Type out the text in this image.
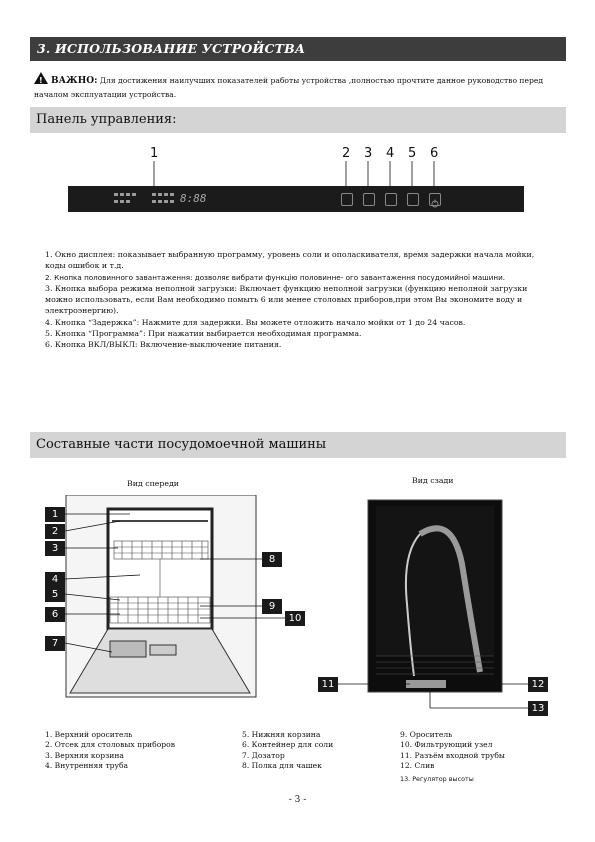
3. ИСПОЛЬЗОВАНИЕ УСТРОЙСТВА
!ВАЖНО: Для достижения наилучших показателей работы устройства ,полностью прочтите данное руководство перед началом эксплуатации устройства.
Панель управления:
1	2 3 4 5 6
8:88

1. Окно дисплея: показывает выбранную программу, уровень соли и ополаскивателя, время задержки начала мойки, коды ошибок и т.д.

2. Кнопка половинного завантаження: дозволяє вибрати функцію половинне- ого завантаження посудомийної машини.

3. Кнопка выбора режима неполной загрузки: Включает функцию неполной загрузки (функцию неполной загрузки можно использовать, если Вам необходимо помыть 6 или менее столовых приборов,при этом Вы экономите воду и электроэнергию).

4. Кнопка “Задержка”: Нажмите для задержки. Вы можете отложить начало мойки от 1 до 24 часов.

5. Кнопка “Программа”: При нажатии выбирается необходимая программа.

6. Кнопка ВКЛ/ВЫКЛ: Включение-выключение питания.

Составные части посудомоечной машины
Вид спереди	Вид сзади
1
2
3
4
5
6
7
8
9
10
11	12
13
1. Верхний ороситель
2. Отсек для столовых приборов
3. Верхняя корзина
4. Внутренняя труба
5. Нижняя корзина
6. Контейнер для соли
7. Дозатор
8. Полка для чашек
9. Ороситель
10. Фильтрующий узел
11. Разъём входной трубы
12. Слив
13. Регулятор высоты
- 3 -
